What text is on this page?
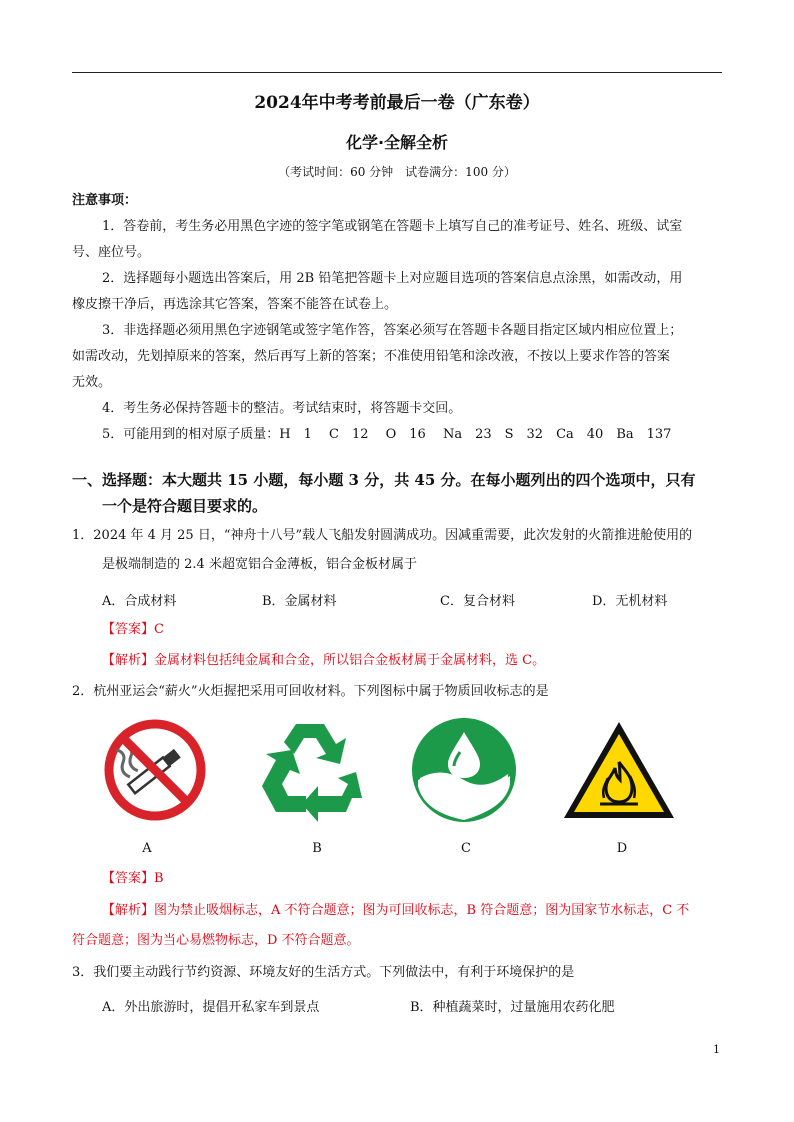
2024年中考考前最后一卷（广东卷）
化学·全解全析
（考试时间：60 分钟　试卷满分：100 分）
注意事项：
1．答卷前，考生务必用黑色字迹的签字笔或钢笔在答题卡上填写自己的准考证号、姓名、班级、试室
号、座位号。
2．选择题每小题选出答案后，用 2B 铅笔把答题卡上对应题目选项的答案信息点涂黑，如需改动，用
橡皮擦干净后，再选涂其它答案，答案不能答在试卷上。
3．非选择题必须用黑色字迹钢笔或签字笔作答，答案必须写在答题卡各题目指定区域内相应位置上；
如需改动，先划掉原来的答案，然后再写上新的答案；不准使用铅笔和涂改液，不按以上要求作答的答案
无效。
4．考生务必保持答题卡的整洁。考试结束时，将答题卡交回。
5．可能用到的相对原子质量：H　1　 C　12　 O　16　 Na　23　S　32　Ca　40　Ba　137
一、选择题：本大题共 15 小题，每小题 3 分，共 45 分。在每小题列出的四个选项中，只有
一个是符合题目要求的。
1．2024 年 4 月 25 日，“神舟十八号”载人飞船发射圆满成功。因减重需要，此次发射的火箭推进舱使用的
是极端制造的 2.4 米超宽铝合金薄板，铝合金板材属于
A．合成材料	B．金属材料	C．复合材料	D．无机材料
【答案】C
【解析】金属材料包括纯金属和合金，所以铝合金板材属于金属材料，选 C。
2．杭州亚运会“薪火”火炬握把采用可回收材料。下列图标中属于物质回收标志的是
A	B	C	D
【答案】B
【解析】图为禁止吸烟标志，A 不符合题意；图为可回收标志，B 符合题意；图为国家节水标志，C 不
符合题意；图为当心易燃物标志，D 不符合题意。
3．我们要主动践行节约资源、环境友好的生活方式。下列做法中，有利于环境保护的是
A．外出旅游时，提倡开私家车到景点	B．种植蔬菜时，过量施用农药化肥
1
